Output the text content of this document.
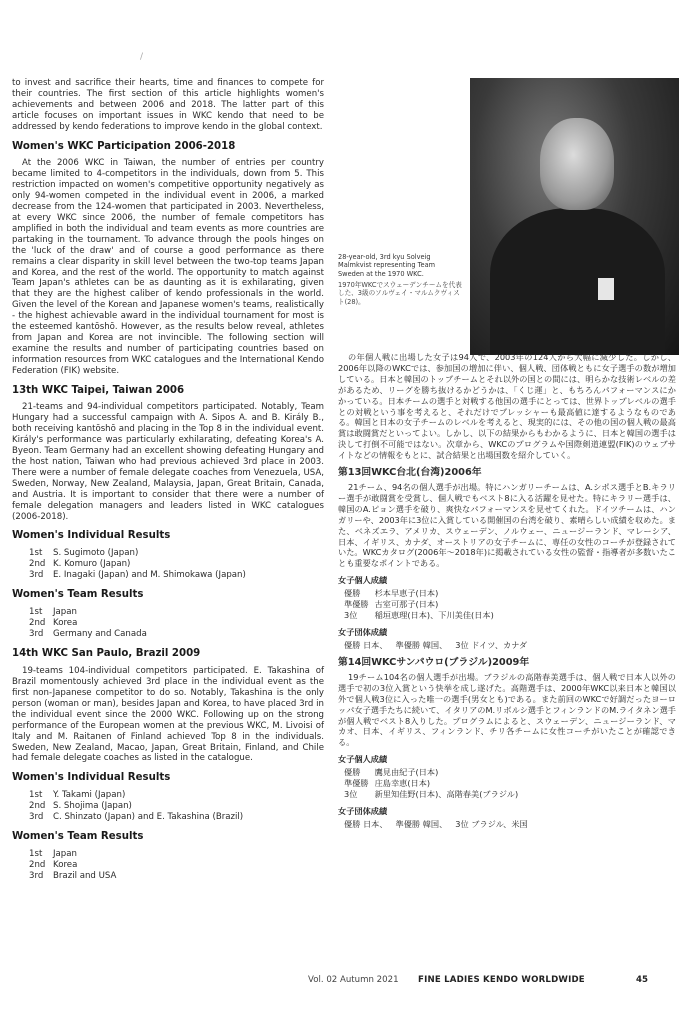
/

to invest and sacrifice their hearts, time and finances to compete for their countries. The first section of this article highlights women's achievements and between 2006 and 2018. The latter part of this article focuses on important issues in WKC kendo that need to be addressed by kendo federations to improve kendo in the global context.

Women's WKC Participation 2006-2018

At the 2006 WKC in Taiwan, the number of entries per country became limited to 4-competitors in the individuals, down from 5. This restriction impacted on women's competitive opportunity negatively as only 94-women competed in the individual event in 2006, a marked decrease from the 124-women that participated in 2003. Nevertheless, at every WKC since 2006, the number of female competitors has amplified in both the individual and team events as more countries are partaking in the tournament. To advance through the pools hinges on the 'luck of the draw' and of course a good performance as there remains a clear disparity in skill level between the two-top teams Japan and Korea, and the rest of the world. The opportunity to match against Team Japan's athletes can be as daunting as it is exhilarating, given that they are the highest caliber of kendo professionals in the world. Given the level of the Korean and Japanese women's teams, realistically - the highest achievable award in the individual tournament for most is the esteemed kantōshō. However, as the results below reveal, athletes from Japan and Korea are not invincible. The following section will examine the results and number of participating countries based on information resources from WKC catalogues and the International Kendo Federation (FIK) website.

13th WKC Taipei, Taiwan 2006

21-teams and 94-individual competitors participated. Notably, Team Hungary had a successful campaign with A. Sipos A. and B. Király B., both receiving kantōshō and placing in the Top 8 in the individual event. Király's performance was particularly exhilarating, defeating Korea's A. Byeon. Team Germany had an excellent showing defeating Hungary and the host nation, Taiwan who had previous achieved 3rd place in 2003. There were a number of female delegate coaches from Venezuela, USA, Sweden, Norway, New Zealand, Malaysia, Japan, Great Britain, Canada, and Austria. It is important to consider that there were a number of female delegation managers and leaders listed in WKC catalogues (2006-2018).

Women's Individual Results
1st	S. Sugimoto (Japan)
2nd	K. Komuro (Japan)
3rd	E. Inagaki (Japan) and M. Shimokawa (Japan)
Women's Team Results
1st	Japan
2nd	Korea
3rd	Germany and Canada
14th WKC San Paulo, Brazil 2009

19-teams 104-individual competitors participated. E. Takashina of Brazil momentously achieved 3rd place in the individual event as the first non-Japanese competitor to do so. Notably, Takashina is the only person (woman or man), besides Japan and Korea, to have placed 3rd in the individual event since the 2000 WKC. Following up on the strong performance of the European women at the previous WKC, M. Livoisi of Italy and M. Raitanen of Finland achieved Top 8 in the individuals. Sweden, New Zealand, Macao, Japan, Great Britain, Finland, and Chile had female delegate coaches as listed in the catalogue.

Women's Individual Results
1st	Y. Takami (Japan)
2nd	S. Shojima (Japan)
3rd	C. Shinzato (Japan) and E. Takashina (Brazil)
Women's Team Results
1st	Japan
2nd	Korea
3rd	Brazil and USA
28-year-old, 3rd kyu Solveig Malmkvist representing Team Sweden at the 1970 WKC.
1970年WKCでスウェーデンチームを代表した、3級のソルヴェイ・マルムクヴィスト(28)。

の年個人戦に出場した女子は94人で、2003年の124人から大幅に減少した。しかし、2006年以降のWKCでは、参加国の増加に伴い、個人戦、団体戦ともに女子選手の数が増加している。日本と韓国のトップチームとそれ以外の国との間には、明らかな技術レベルの差があるため、リーグを勝ち抜けるかどうかは、「くじ運」と、もちろんパフォーマンスにかかっている。日本チームの選手と対戦する他国の選手にとっては、世界トップレベルの選手との対戦という事を考えると、それだけでプレッシャーも最高値に達するようなものである。韓国と日本の女子チームのレベルを考えると、現実的には、その他の国の個人戦の最高賞は敢闘賞だといってよい。しかし、以下の結果からもわかるように、日本と韓国の選手は決して打倒不可能ではない。次章から、WKCのプログラムや国際剣道連盟(FIK)のウェブサイトなどの情報をもとに、試合結果と出場国数を紹介していく。

第13回WKC台北(台湾)2006年

21チーム、94名の個人選手が出場。特にハンガリーチームは、A.シポス選手とB.キラリー選手が敢闘賞を受賞し、個人戦でもベスト8に入る活躍を見せた。特にキラリー選手は、韓国のA.ピョン選手を破り、爽快なパフォーマンスを見せてくれた。ドイツチームは、ハンガリーや、2003年に3位に入賞している開催国の台湾を破り、素晴らしい成績を収めた。また、ベネズエラ、アメリカ、スウェーデン、ノルウェー、ニュージーランド、マレーシア、日本、イギリス、カナダ、オーストリアの女子チームに、専任の女性のコーチが登録されていた。WKCカタログ(2006年～2018年)に掲載されている女性の監督・指導者が多数いたことも重要なポイントである。

女子個人成績
優勝	杉本早恵子(日本)
準優勝	古室可那子(日本)
3位	稲垣恵理(日本)、下川美佳(日本)
女子団体成績
優勝 日本、 準優勝 韓国、 3位 ドイツ、カナダ
第14回WKCサンパウロ(ブラジル)2009年

19チーム104名の個人選手が出場。ブラジルの高階春美選手は、個人戦で日本人以外の選手で初の3位入賞という快挙を成し遂げた。高階選手は、2000年WKC以来日本と韓国以外で個人戦3位に入った唯一の選手(男女とも)である。また前回のWKCで好調だったヨーロッパ女子選手たちに続いて、イタリアのM.リボルシ選手とフィンランドのM.ライタネン選手が個人戦でベスト8入りした。プログラムによると、スウェーデン、ニュージーランド、マカオ、日本、イギリス、フィンランド、チリ各チームに女性コーチがいたことが確認できる。

女子個人成績
優勝	鷹見由紀子(日本)
準優勝	庄島幸恵(日本)
3位	新里知佳野(日本)、高階春美(ブラジル)
女子団体成績
優勝 日本、 準優勝 韓国、 3位 ブラジル、米国
Vol. 02 Autumn 2021 FINE LADIES KENDO WORLDWIDE	45
